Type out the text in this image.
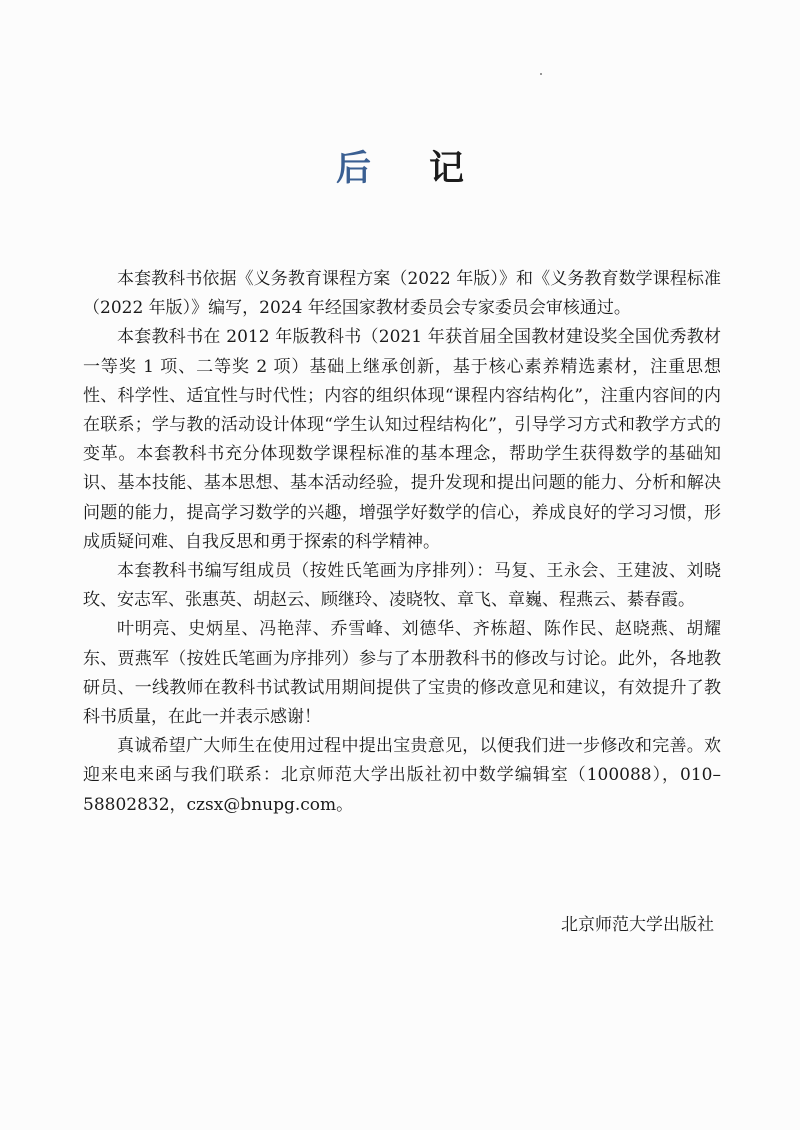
后 记

本套教科书依据《义务教育课程方案（2022 年版）》和《义务教育数学课程标准（2022 年版）》编写，2024 年经国家教材委员会专家委员会审核通过。

本套教科书在 2012 年版教科书（2021 年获首届全国教材建设奖全国优秀教材一等奖 1 项、二等奖 2 项）基础上继承创新，基于核心素养精选素材，注重思想性、科学性、适宜性与时代性；内容的组织体现“课程内容结构化”，注重内容间的内在联系；学与教的活动设计体现“学生认知过程结构化”，引导学习方式和教学方式的变革。本套教科书充分体现数学课程标准的基本理念，帮助学生获得数学的基础知识、基本技能、基本思想、基本活动经验，提升发现和提出问题的能力、分析和解决问题的能力，提高学习数学的兴趣，增强学好数学的信心，养成良好的学习习惯，形成质疑问难、自我反思和勇于探索的科学精神。

本套教科书编写组成员（按姓氏笔画为序排列）：马复、王永会、王建波、刘晓玫、安志军、张惠英、胡赵云、顾继玲、凌晓牧、章飞、章巍、程燕云、綦春霞。

叶明亮、史炳星、冯艳萍、乔雪峰、刘德华、齐栋超、陈作民、赵晓燕、胡耀东、贾燕军（按姓氏笔画为序排列）参与了本册教科书的修改与讨论。此外，各地教研员、一线教师在教科书试教试用期间提供了宝贵的修改意见和建议，有效提升了教科书质量，在此一并表示感谢！

真诚希望广大师生在使用过程中提出宝贵意见，以便我们进一步修改和完善。欢迎来电来函与我们联系：北京师范大学出版社初中数学编辑室（100088），010–58802832，czsx@bnupg.com。

北京师范大学出版社
